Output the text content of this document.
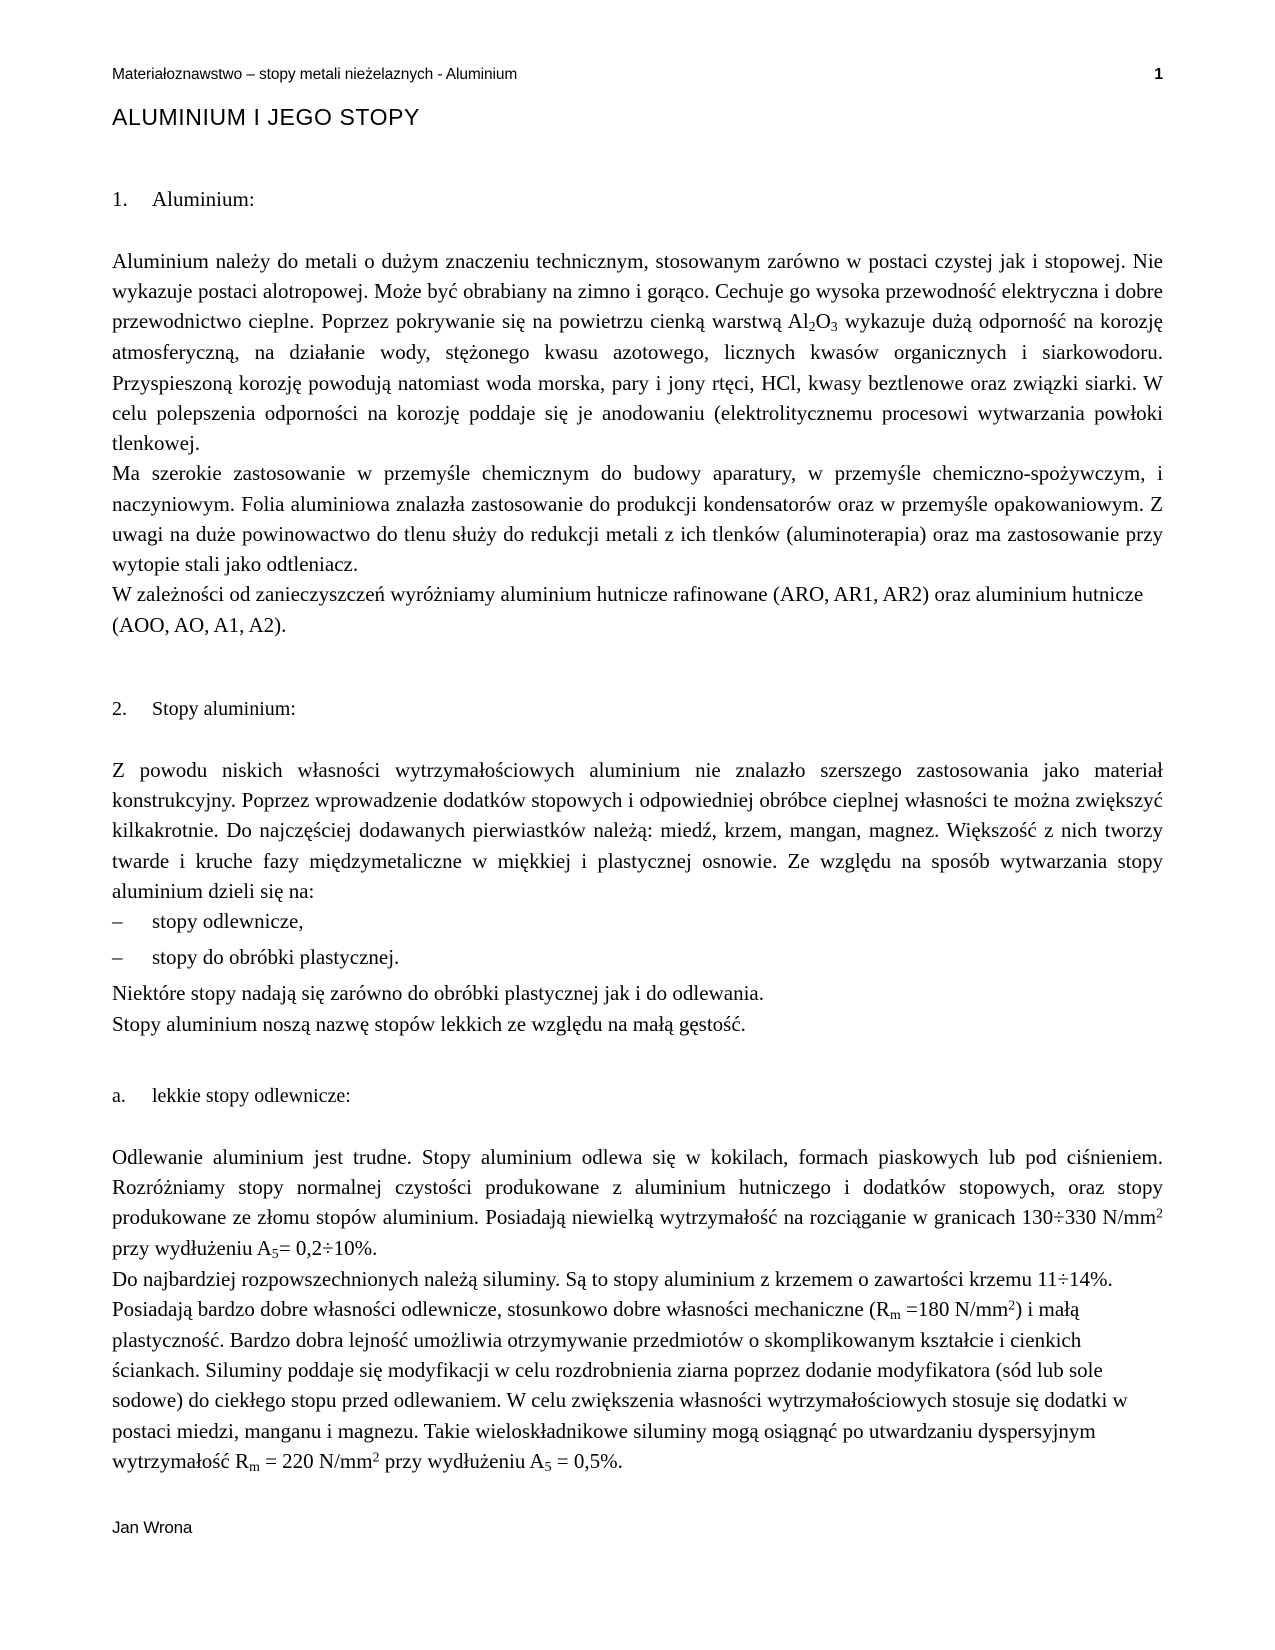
Materiałoznawstwo – stopy metali nieżelaznych - Aluminium	1
ALUMINIUM I JEGO STOPY
1.	Aluminium:

Aluminium należy do metali o dużym znaczeniu technicznym, stosowanym zarówno w postaci czystej jak i stopowej. Nie wykazuje postaci alotropowej. Może być obrabiany na zimno i gorąco. Cechuje go wysoka przewodność elektryczna i dobre przewodnictwo cieplne. Poprzez pokrywanie się na powietrzu cienką warstwą $Al_2O_3$ wykazuje dużą odporność na korozję atmosferyczną, na działanie wody, stężonego kwasu azotowego, licznych kwasów organicznych i siarkowodoru. Przyspieszoną korozję powodują natomiast woda morska, pary i jony rtęci, HCl, kwasy beztlenowe oraz związki siarki. W celu polepszenia odporności na korozję poddaje się je anodowaniu (elektrolitycznemu procesowi wytwarzania powłoki tlenkowej.

Ma szerokie zastosowanie w przemyśle chemicznym do budowy aparatury, w przemyśle chemiczno-spożywczym, i naczyniowym. Folia aluminiowa znalazła zastosowanie do produkcji kondensatorów oraz w przemyśle opakowaniowym. Z uwagi na duże powinowactwo do tlenu służy do redukcji metali z ich tlenków (aluminoterapia) oraz ma zastosowanie przy wytopie stali jako odtleniacz.

W zależności od zanieczyszczeń wyróżniamy aluminium hutnicze rafinowane (ARO, AR1, AR2) oraz aluminium hutnicze (AOO, AO, A1, A2).

2.	Stopy aluminium:

Z powodu niskich własności wytrzymałościowych aluminium nie znalazło szerszego zastosowania jako materiał konstrukcyjny. Poprzez wprowadzenie dodatków stopowych i odpowiedniej obróbce cieplnej własności te można zwiększyć kilkakrotnie. Do najczęściej dodawanych pierwiastków należą: miedź, krzem, mangan, magnez. Większość z nich tworzy twarde i kruche fazy międzymetaliczne w miękkiej i plastycznej osnowie. Ze względu na sposób wytwarzania stopy aluminium dzieli się na:

–	stopy odlewnicze,
–	stopy do obróbki plastycznej.

Niektóre stopy nadają się zarówno do obróbki plastycznej jak i do odlewania.

Stopy aluminium noszą nazwę stopów lekkich ze względu na małą gęstość.

a.	lekkie stopy odlewnicze:

Odlewanie aluminium jest trudne. Stopy aluminium odlewa się w kokilach, formach piaskowych lub pod ciśnieniem. Rozróżniamy stopy normalnej czystości produkowane z aluminium hutniczego i dodatków stopowych, oraz stopy produkowane ze złomu stopów aluminium. Posiadają niewielką wytrzymałość na rozciąganie w granicach 130÷330 $N/mm^2$ przy wydłużeniu $A_5= 0,2\div 10\%$.

Do najbardziej rozpowszechnionych należą siluminy. Są to stopy aluminium z krzemem o zawartości krzemu 11÷14%. Posiadają bardzo dobre własności odlewnicze, stosunkowo dobre własności mechaniczne ($R_m =180$ $N/mm^2$) i małą plastyczność. Bardzo dobra lejność umożliwia otrzymywanie przedmiotów o skomplikowanym kształcie i cienkich ściankach. Siluminy poddaje się modyfikacji w celu rozdrobnienia ziarna poprzez dodanie modyfikatora (sód lub sole sodowe) do ciekłego stopu przed odlewaniem. W celu zwiększenia własności wytrzymałościowych stosuje się dodatki w postaci miedzi, manganu i magnezu. Takie wieloskładnikowe siluminy mogą osiągnąć po utwardzaniu dyspersyjnym wytrzymałość $R_m = 220$ $N/mm^2$ przy wydłużeniu $A_5 = 0,5\%$.

Jan Wrona
